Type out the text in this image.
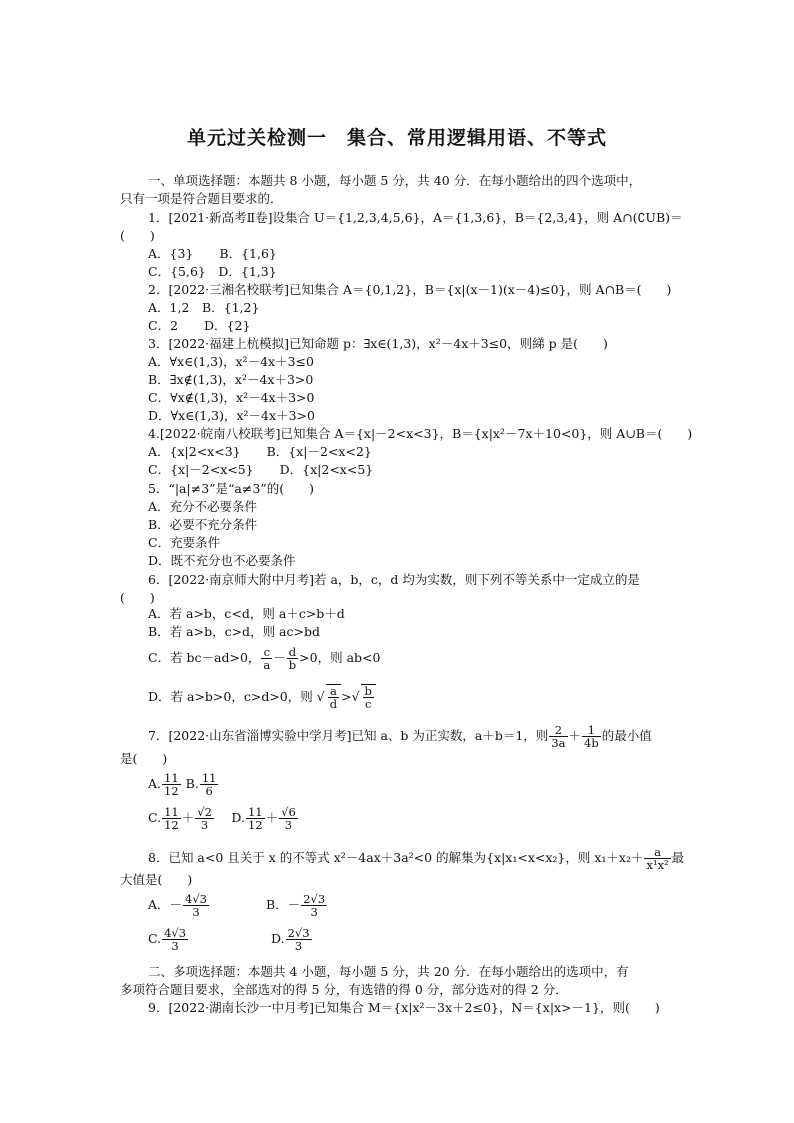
单元过关检测一　集合、常用逻辑用语、不等式
一、单项选择题：本题共 8 小题，每小题 5 分，共 40 分．在每小题给出的四个选项中，
只有一项是符合题目要求的．
1．[2021·新高考Ⅱ卷]设集合 U＝{1,2,3,4,5,6}，A＝{1,3,6}，B＝{2,3,4}，则 A∩(∁UB)＝
(　　)
A．{3} B．{1,6}
C．{5,6}　 D．{1,3}
2．[2022·三湘名校联考]已知集合 A＝{0,1,2}，B＝{x|(x－1)(x－4)≤0}，则 A∩B＝(　　)
A．1,2　 B．{1,2}
C．2 D．{2}
3．[2022·福建上杭模拟]已知命题 p：∃x∈(1,3)，x²－4x＋3≤0，则綈 p 是(　　)
A．∀x∈(1,3)，x²－4x＋3≤0
B．∃x∉(1,3)，x²－4x＋3>0
C．∀x∉(1,3)，x²－4x＋3>0
D．∀x∈(1,3)，x²－4x＋3>0
4.[2022·皖南八校联考]已知集合 A＝{x|－2<x<3}，B＝{x|x²－7x＋10<0}，则 A∪B＝(　　)
A．{x|2<x<3} B．{x|－2<x<2}
C．{x|－2<x<5} D．{x|2<x<5}
5．“|a|≠3”是“a≠3”的(　　)
A．充分不必要条件
B．必要不充分条件
C．充要条件
D．既不充分也不必要条件
6．[2022·南京师大附中月考]若 a，b，c，d 均为实数，则下列不等关系中一定成立的是
(　　)
A．若 a>b，c<d，则 a＋c>b＋d
B．若 a>b，c>d，则 ac>bd
C．若 bc－ad>0， $\frac{c}{a} - \frac{d}{b} >0$，则 ab<0
D．若 a>b>0，c>d>0，则 √ $\frac{a}{d}$ >√ $\frac{b}{c}$
7．[2022·山东省淄博实验中学月考]已知 a、b 为正实数，a＋b＝1，则 $\frac{2}{3a} + \frac{1}{4b}$ 的最小值
是(　　)
A. $\frac{11}{12} B$. $\frac{11}{6}$
C. $\frac{11}{12} + \frac{√2}{3}$
　 D. $\frac{11}{12} + \frac{√6}{3}$
8．已知 a<0 且关于 x 的不等式 x²－4ax＋3a²<0 的解集为{x|x₁<x<x₂}，则 $x_1+x_2+ \frac{a}{\text{x¹x²}}$ 最
大值是(　　)
A．－ $\frac{4√3}{3}$	B．－ $\frac{2√3}{3}$
C. $\frac{4√3}{3}$	D. $\frac{2√3}{3}$
二、多项选择题：本题共 4 小题，每小题 5 分，共 20 分．在每小题给出的选项中，有
多项符合题目要求，全部选对的得 5 分，有选错的得 0 分，部分选对的得 2 分．
9．[2022·湖南长沙一中月考]已知集合 M＝{x|x²－3x＋2≤0}，N＝{x|x>－1}，则(　　)
